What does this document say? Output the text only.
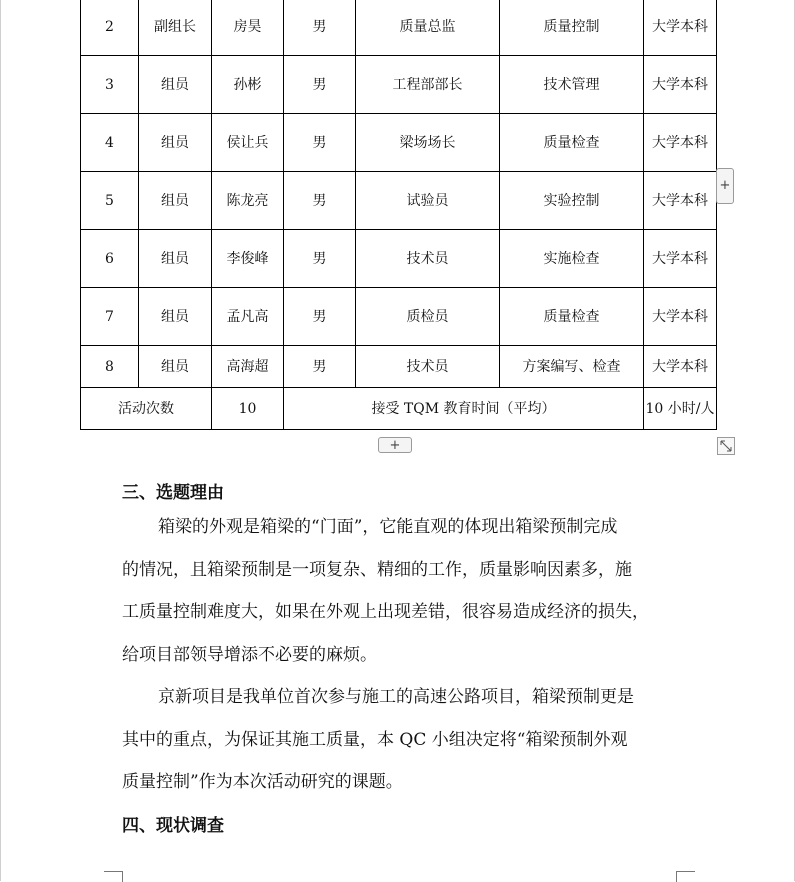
2	副组长	房昊	男	质量总监	质量控制	大学本科
3	组员	孙彬	男	工程部部长	技术管理	大学本科
4	组员	侯让兵	男	梁场场长	质量检查	大学本科
5	组员	陈龙亮	男	试验员	实验控制	大学本科
6	组员	李俊峰	男	技术员	实施检查	大学本科
7	组员	孟凡高	男	质检员	质量检查	大学本科
8	组员	高海超	男	技术员	方案编写、检查	大学本科
活动次数		10	接受 TQM 教育时间（平均）			10 小时/人
+
+
三、选题理由
箱梁的外观是箱梁的“门面”，它能直观的体现出箱梁预制完成
的情况，且箱梁预制是一项复杂、精细的工作，质量影响因素多，施
工质量控制难度大，如果在外观上出现差错，很容易造成经济的损失，
给项目部领导增添不必要的麻烦。
京新项目是我单位首次参与施工的高速公路项目，箱梁预制更是
其中的重点，为保证其施工质量，本 QC 小组决定将“箱梁预制外观
质量控制”作为本次活动研究的课题。
四、现状调查
